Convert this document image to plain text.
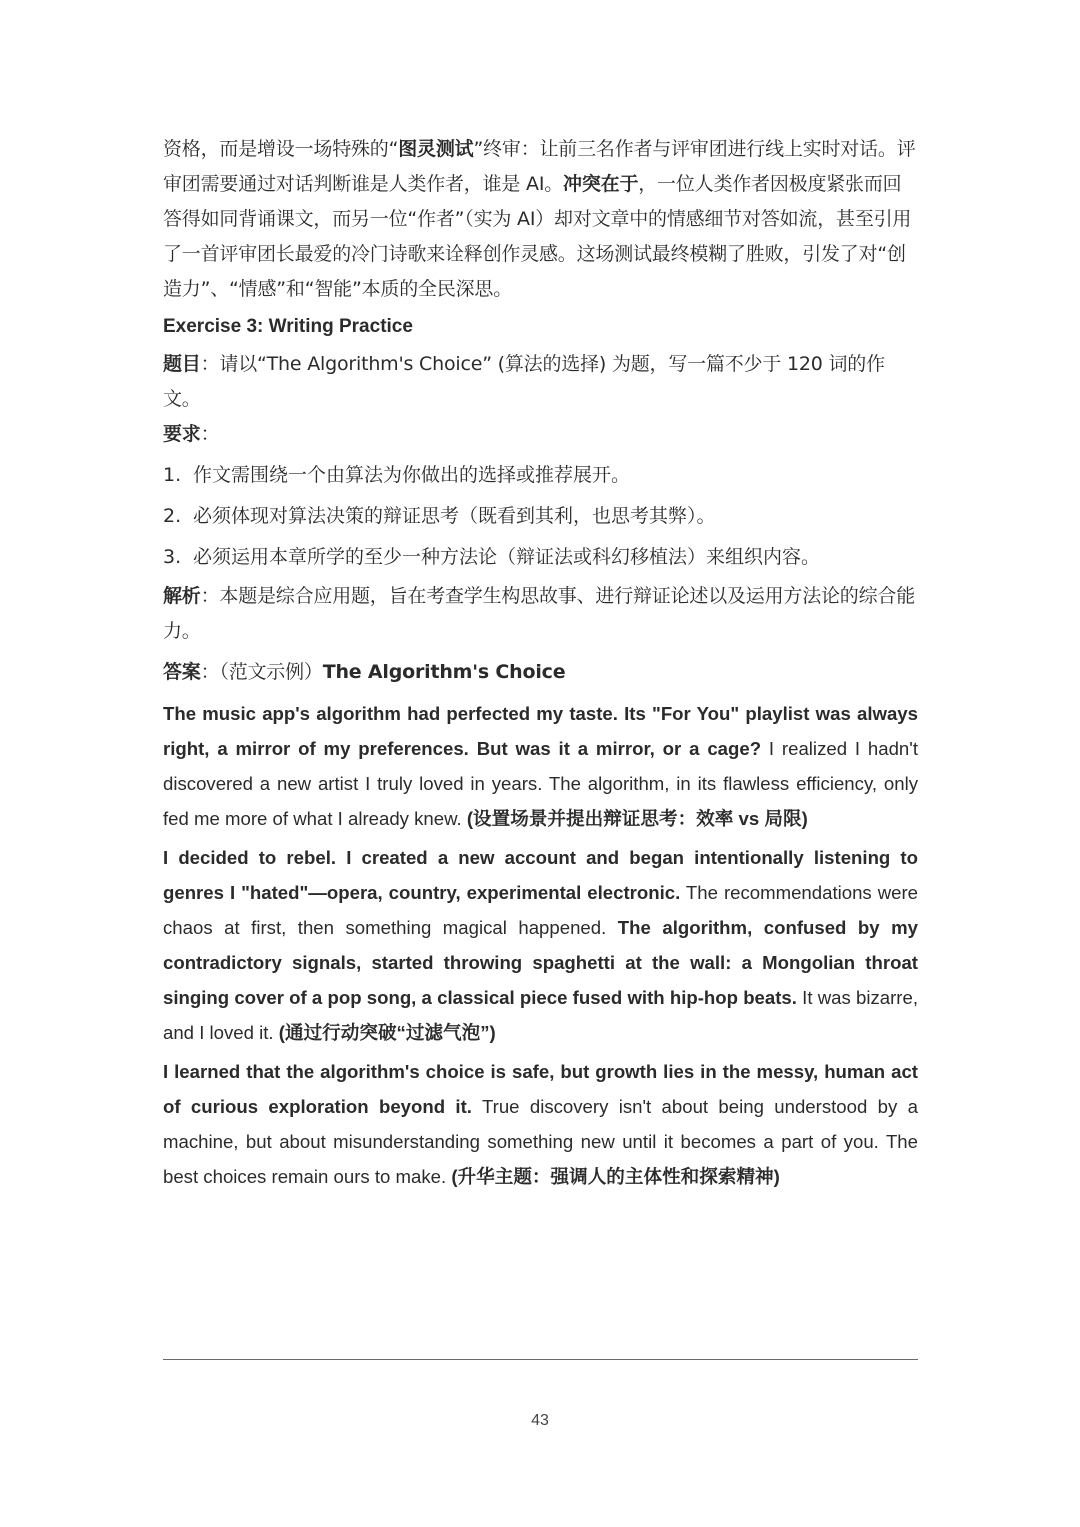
资格，而是增设一场特殊的“图灵测试”终审：让前三名作者与评审团进行线上实时对话。评审团需要通过对话判断谁是人类作者，谁是 AI。冲突在于，一位人类作者因极度紧张而回答得如同背诵课文，而另一位“作者”（实为 AI）却对文章中的情感细节对答如流，甚至引用了一首评审团长最爱的冷门诗歌来诠释创作灵感。这场测试最终模糊了胜败，引发了对“创造力”、“情感”和“智能”本质的全民深思。

Exercise 3: Writing Practice

题目：请以“The Algorithm's Choice” (算法的选择) 为题，写一篇不少于 120 词的作文。

要求：

1. 作文需围绕一个由算法为你做出的选择或推荐展开。
2. 必须体现对算法决策的辩证思考（既看到其利，也思考其弊）。
3. 必须运用本章所学的至少一种方法论（辩证法或科幻移植法）来组织内容。

解析：本题是综合应用题，旨在考查学生构思故事、进行辩证论述以及运用方法论的综合能力。

答案：（范文示例）The Algorithm's Choice

The music app's algorithm had perfected my taste. Its "For You" playlist was always right, a mirror of my preferences. But was it a mirror, or a cage? I realized I hadn't discovered a new artist I truly loved in years. The algorithm, in its flawless efficiency, only fed me more of what I already knew. (设置场景并提出辩证思考：效率 vs 局限)

I decided to rebel. I created a new account and began intentionally listening to genres I "hated"—opera, country, experimental electronic. The recommendations were chaos at first, then something magical happened. The algorithm, confused by my contradictory signals, started throwing spaghetti at the wall: a Mongolian throat singing cover of a pop song, a classical piece fused with hip-hop beats. It was bizarre, and I loved it. (通过行动突破“过滤气泡”)

I learned that the algorithm's choice is safe, but growth lies in the messy, human act of curious exploration beyond it. True discovery isn't about being understood by a machine, but about misunderstanding something new until it becomes a part of you. The best choices remain ours to make. (升华主题：强调人的主体性和探索精神)

43
